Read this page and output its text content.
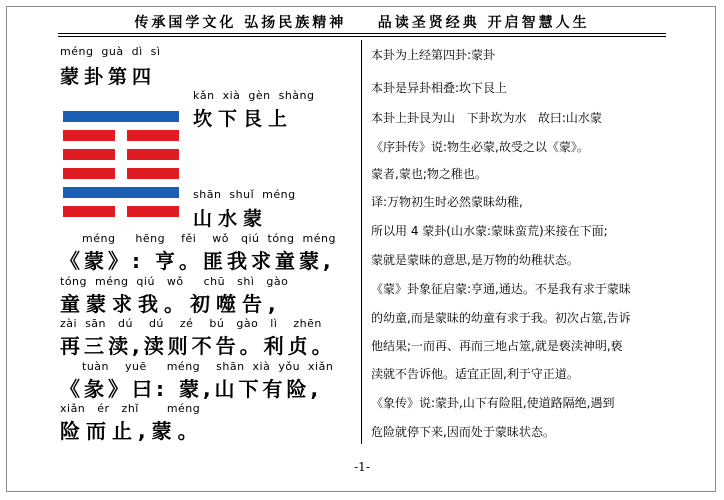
传承国学文化 弘扬民族精神    品读圣贤经典 开启智慧人生
méng  guà  dì  sì
蒙卦第四
kǎn  xià  gèn  shàng
坎下艮上
shān  shuǐ  méng
山水蒙
méng     hēng    fěi    wǒ   qiú  tóng  méng
《蒙》: 亨。匪我求童蒙,
tóng  méng  qiú   wǒ     chū   shì   gào
童蒙求我。初噬告,
zài  sān   dú    dú    zé    bú   gào   lì    zhēn
再三渎,渎则不告。利贞。
tuàn    yuē     méng    shān  xià  yǒu  xiǎn
《彖》曰: 蒙,山下有险,
xiǎn   ér   zhǐ       méng
险而止,蒙。
本卦为上经第四卦:蒙卦
本卦是异卦相叠:坎下艮上
本卦上卦艮为山   下卦坎为水   故曰:山水蒙
《序卦传》说:物生必蒙,故受之以《蒙》。
蒙者,蒙也;物之稚也。
译:万物初生时必然蒙昧幼稚,
所以用 4 蒙卦(山水蒙:蒙昧蛮荒)来接在下面;
蒙就是蒙昧的意思,是万物的幼稚状态。
《蒙》卦象征启蒙:亨通,通达。不是我有求于蒙昧
的幼童,而是蒙昧的幼童有求于我。初次占筮,告诉
他结果;一而再、再而三地占筮,就是亵渎神明,亵
渎就不告诉他。适宜正固,利于守正道。
《象传》说:蒙卦,山下有险阻,使道路隔绝,遇到
危险就停下来,因而处于蒙昧状态。
-1-
